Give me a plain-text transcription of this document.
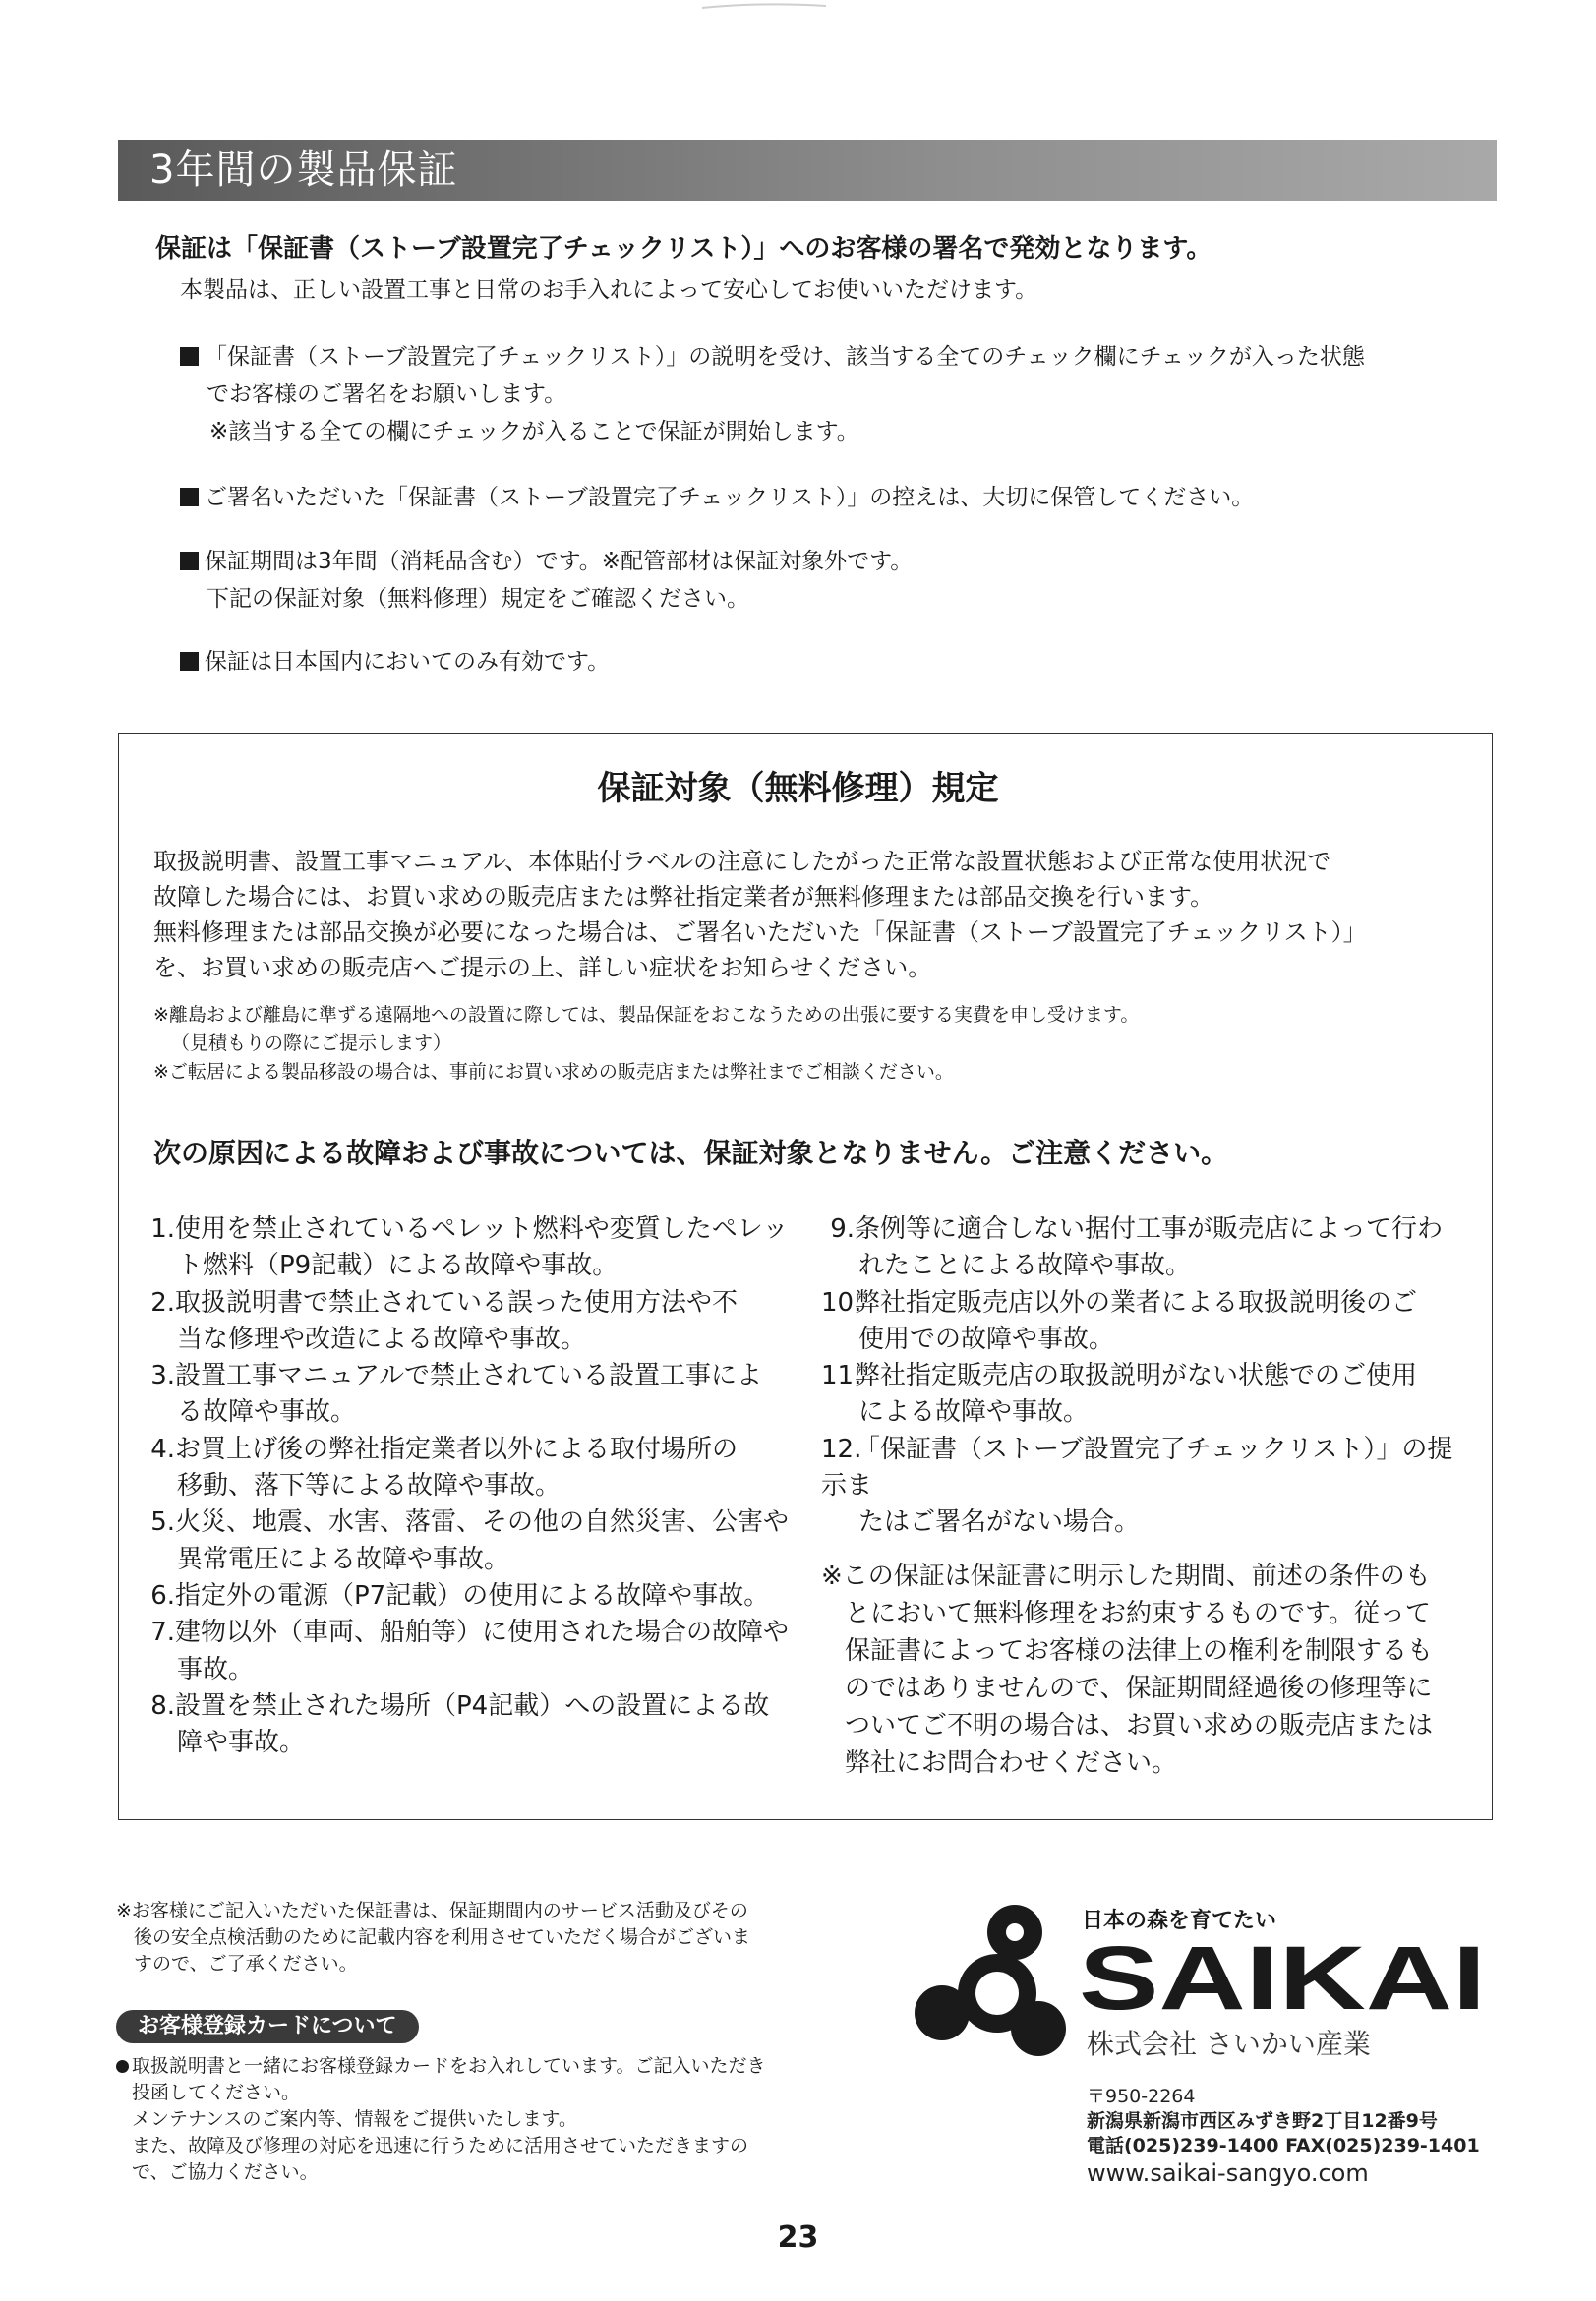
3年間の製品保証
保証は「保証書（ストーブ設置完了チェックリスト）」へのお客様の署名で発効となります。
本製品は、正しい設置工事と日常のお手入れによって安心してお使いいただけます。
「保証書（ストーブ設置完了チェックリスト）」の説明を受け、該当する全てのチェック欄にチェックが入った状態
でお客様のご署名をお願いします。
※該当する全ての欄にチェックが入ることで保証が開始します。
ご署名いただいた「保証書（ストーブ設置完了チェックリスト）」の控えは、大切に保管してください。
保証期間は3年間（消耗品含む）です。※配管部材は保証対象外です。
下記の保証対象（無料修理）規定をご確認ください。
保証は日本国内においてのみ有効です。
保証対象（無料修理）規定
取扱説明書、設置工事マニュアル、本体貼付ラベルの注意にしたがった正常な設置状態および正常な使用状況で
故障した場合には、お買い求めの販売店または弊社指定業者が無料修理または部品交換を行います。
無料修理または部品交換が必要になった場合は、ご署名いただいた「保証書（ストーブ設置完了チェックリスト）」
を、お買い求めの販売店へご提示の上、詳しい症状をお知らせください。
※離島および離島に準ずる遠隔地への設置に際しては、製品保証をおこなうための出張に要する実費を申し受けます。
（見積もりの際にご提示します）
※ご転居による製品移設の場合は、事前にお買い求めの販売店または弊社までご相談ください。
次の原因による故障および事故については、保証対象となりません。ご注意ください。
1.使用を禁止されているペレット燃料や変質したペレッ
ト燃料（P9記載）による故障や事故。
2.取扱説明書で禁止されている誤った使用方法や不
当な修理や改造による故障や事故。
3.設置工事マニュアルで禁止されている設置工事によ
る故障や事故。
4.お買上げ後の弊社指定業者以外による取付場所の
移動、落下等による故障や事故。
5.火災、地震、水害、落雷、その他の自然災害、公害や
異常電圧による故障や事故。
6.指定外の電源（P7記載）の使用による故障や事故。
7.建物以外（車両、船舶等）に使用された場合の故障や
事故。
8.設置を禁止された場所（P4記載）への設置による故
障や事故。
9.条例等に適合しない据付工事が販売店によって行わ
れたことによる故障や事故。
10.弊社指定販売店以外の業者による取扱説明後のご
使用での故障や事故。
11.弊社指定販売店の取扱説明がない状態でのご使用
による故障や事故。
12.「保証書（ストーブ設置完了チェックリスト）」の提示ま
たはご署名がない場合。
※この保証は保証書に明示した期間、前述の条件のも
とにおいて無料修理をお約束するものです。従って
保証書によってお客様の法律上の権利を制限するも
のではありませんので、保証期間経過後の修理等に
ついてご不明の場合は、お買い求めの販売店または
弊社にお問合わせください。
※お客様にご記入いただいた保証書は、保証期間内のサービス活動及びその
後の安全点検活動のために記載内容を利用させていただく場合がございま
すので、ご了承ください。
お客様登録カードについて
取扱説明書と一緒にお客様登録カードをお入れしています。ご記入いただき
投函してください。
メンテナンスのご案内等、情報をご提供いたします。
また、故障及び修理の対応を迅速に行うために活用させていただきますの
で、ご協力ください。
日本の森を育てたい
SAIKAI
株式会社 さいかい産業
〒950-2264
新潟県新潟市西区みずき野2丁目12番9号
電話(025)239-1400 FAX(025)239-1401
www.saikai-sangyo.com
23
